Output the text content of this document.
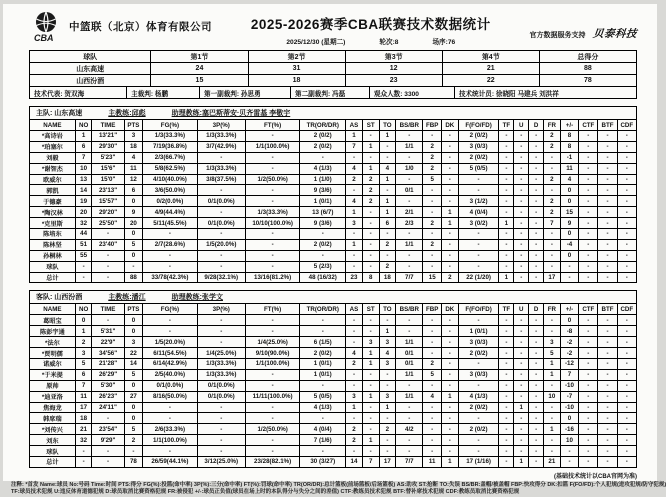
CBA
中篮联（北京）体育有限公司	2025-2026赛季CBA联赛技术数据统计
2025/12/30 (星期二)	轮次:8	场序:76
官方数据服务支持 贝泰科技
球队	第1节	第2节	第3节	第4节	总得分
山东高速	24	31	12	21	88
山西汾酒	15	18	23	22	78
技术代表: 贺双海	主裁判: 杨鹏	第一副裁判: 孙思勇	第二副裁判: 冯磊	观众人数: 3300	技术统计员: 徐晓阳 马建兵 刘洪祥
主队: 山东高速	主教练:邱彪	助理教练:塞巴斯蒂安·贝齐雷基 李敬宇
NAME	NO	TIME	PTS	FG(%)	3P(%)	FT(%)	TR(OR/DR)	AS	ST	TO	BS/BR	FBP	DK	F(FO/FD)	TF	U	D	FR	+/-	CTF	BTF	CDF
*高诗岩	1	13'21"	3	1/3(33.3%)	1/3(33.3%)	-	2 (0/2)	1	-	1	-	-	-	2 (0/2)	-	-	-	2	8	-	-	-
*珀塞尔	6	29'30"	18	7/19(36.8%)	3/7(42.9%)	1/1(100.0%)	2 (0/2)	7	1	-	1/1	2	-	3 (0/3)	-	-	-	2	8	-	-	-
刘毅	7	5'23"	4	2/3(66.7%)	-	-	-	-	-	-	-	2	-	2 (0/2)	-	-	-	-	-1	-	-	-
*谢智杰	10	15'6"	11	5/8(62.5%)	1/3(33.3%)	-	4 (1/3)	4	1	4	1/0	2	-	5 (0/5)	-	-	-	-	11	-	-	-
欧威尔	13	15'0"	12	4/10(40.0%)	3/8(37.5%)	1/2(50.0%)	1 (1/0)	2	2	1	-	5	-	-	-	-	-	2	4	-	-	-
郭凯	14	23'13"	6	3/6(50.0%)	-	-	9 (3/6)	-	2	-	0/1	-	-	-	-	-	-	-	0	-	-	-
于德豪	19	15'57"	0	0/2(0.0%)	0/1(0.0%)	-	1 (0/1)	4	2	1	-	-	-	3 (1/2)	-	-	-	2	0	-	-	-
*陶汉林	20	29'20"	9	4/9(44.4%)	-	1/3(33.3%)	13 (6/7)	1	-	1	2/1	-	1	4 (0/4)	-	-	-	2	15	-	-	-
*克里斯	32	25'50"	20	5/11(45.5%)	0/1(0.0%)	10/10(100.0%)	9 (3/6)	3	-	6	2/3	2	1	3 (0/2)	1	-	-	7	9	-	-	-
陈培东	44	-	0	-	-	-	-	-	-	-	-	-	-	-	-	-	-	-	0	-	-	-
陈林坚	51	23'40"	5	2/7(28.6%)	1/5(20.0%)	-	2 (0/2)	1	-	2	1/1	2	-	-	-	-	-	-	-4	-	-	-
孙桐林	55	-	0	-	-	-	-	-	-	-	-	-	-	-	-	-	-	-	0	-	-	-
球队	-	-	-	-	-	-	5 (2/3)	-	-	2	-	-	-	-	-	-	-	-	-	-	-	-
总计	-	-	88	33/78(42.3%)	9/28(32.1%)	13/16(81.2%)	48 (16/32)	23	8	18	7/7	15	2	22 (1/20)	1	-	-	17	-	-	-	-
客队: 山西汾酒	主教练:潘江	助理教练:张学文
NAME	NO	TIME	PTS	FG(%)	3P(%)	FT(%)	TR(OR/DR)	AS	ST	TO	BS/BR	FBP	DK	F(FO/FD)	TF	U	D	FR	+/-	CTF	BTF	CDF
葛昭宝	0	-	0	-	-	-	-	-	-	-	-	-	-	-	-	-	-	-	0	-	-	-
陈彭宇通	1	5'31"	0	-	-	-	-	-	-	1	-	-	-	1 (0/1)	-	-	-	-	-8	-	-	-
*法尔	2	22'9"	3	1/5(20.0%)	-	1/4(25.0%)	6 (1/5)	-	3	3	1/1	-	-	3 (0/3)	-	-	-	3	-2	-	-	-
*贾明儒	3	34'56"	22	6/11(54.5%)	1/4(25.0%)	9/10(90.0%)	2 (0/2)	4	1	4	0/1	-	-	2 (0/2)	-	-	-	5	-2	-	-	-
诺威尔	5	21'28"	14	6/14(42.9%)	1/3(33.3%)	1/1(100.0%)	1 (0/1)	2	1	3	0/1	2	-	-	-	-	-	1	-12	-	-	-
*于米提	6	26'29"	5	2/5(40.0%)	1/3(33.3%)	-	1 (0/1)	-	-	-	1/1	5	-	3 (0/3)	-	-	-	1	7	-	-	-
原帅	7	5'30"	0	0/1(0.0%)	0/1(0.0%)	-	-	-	-	-	-	-	-	-	-	-	-	-	-10	-	-	-
*迪亚洛	11	26'23"	27	8/16(50.0%)	0/1(0.0%)	11/11(100.0%)	5 (0/5)	3	1	3	1/1	4	1	4 (1/3)	-	-	-	10	-7	-	-	-
焦海龙	17	24'11"	0	-	-	-	4 (1/3)	1	-	1	-	-	-	2 (0/2)	-	1	-	-	-10	-	-	-
韩席瑞	18	-	0	-	-	-	-	-	-	-	-	-	-	-	-	-	-	-	0	-	-	-
*刘传兴	21	23'54"	5	2/6(33.3%)	-	1/2(50.0%)	4 (0/4)	2	-	2	4/2	-	-	2 (0/2)	-	-	-	1	-16	-	-	-
刘东	32	9'29"	2	1/1(100.0%)	-	-	7 (1/6)	2	1	-	-	-	-	-	-	-	-	-	10	-	-	-
球队	-	-	-	-	-	-	-	-	-	-	-	-	-	-	-	-	-	-	-	-	-	-
总计	-	-	78	26/59(44.1%)	3/12(25.0%)	23/28(82.1%)	30 (3/27)	14	7	17	7/7	11	1	17 (1/16)	-	1	-	21	-	-	-	-
(基础技术统计以CBA官网为准)
注释: *首发 Name:球员 No:号码 Time:时间 PTS:得分 FG(%):投篮(命中率) 3P(%):三分(命中率) FT(%):罚球(命中率) TR(OR/DR):总计篮板(前场篮板/后场篮板) AS:助攻 ST:抢断 TO:失误 BS/BR:盖帽/被盖帽 FBP:快攻得分 DK:扣篮 F(FO/FD):个人犯规(进攻犯规/防守犯规)
TF:球员技术犯规 U:违反体育道德犯规 D:球员取消比赛资格犯规 FR:被侵犯 +/-:球员正负值(球员在场上时的本队得分与失分之间的差值) CTF:教练员技术犯规 BTF:替补席技术犯规 CDF:教练员取消比赛资格犯规
